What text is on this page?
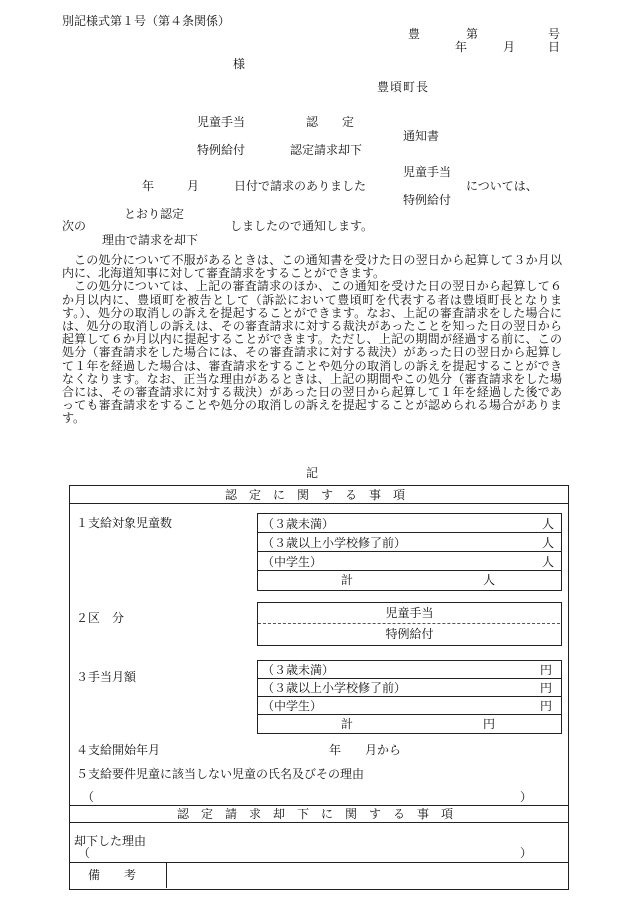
別記様式第１号（第４条関係）
豊	第	号
年	月	日
様
豊頃町長
児童手当	認　　定
通知書
特例給付	認定請求却下
児童手当
年	月	日付で請求のありました	については、
特例給付
とおり認定
次の	しましたので通知します。
理由で請求を却下

この処分について不服があるときは、この通知書を受けた日の翌日から起算して３か月以内に、北海道知事に対して審査請求をすることができます。

この処分については、上記の審査請求のほか、この通知を受けた日の翌日から起算して６か月以内に、豊頃町を被告として（訴訟において豊頃町を代表する者は豊頃町長となります。）、処分の取消しの訴えを提起することができます。なお、上記の審査請求をした場合には、処分の取消しの訴えは、その審査請求に対する裁決があったことを知った日の翌日から起算して６か月以内に提起することができます。ただし、上記の期間が経過する前に、この処分（審査請求をした場合には、その審査請求に対する裁決）があった日の翌日から起算して１年を経過した場合は、審査請求をすることや処分の取消しの訴えを提起することができなくなります。なお、正当な理由があるときは、上記の期間やこの処分（審査請求をした場合には、その審査請求に対する裁決）があった日の翌日から起算して１年を経過した後であっても審査請求をすることや処分の取消しの訴えを提起することが認められる場合があります。

記
認　定　に　関　す　る　事　項
１支給対象児童数	（３歳未満）	人
（３歳以上小学校修了前）	人
（中学生）	人
計	人
２区　分	児童手当
特例給付
３手当月額	（３歳未満）	円
（３歳以上小学校修了前）	円
（中学生）	円
計	円
４支給開始年月	年　　月から
５支給要件児童に該当しない児童の氏名及びその理由
（	）
認　定　請　求　却　下　に　関　す　る　事　項
却下した理由
（	）
備　　考
